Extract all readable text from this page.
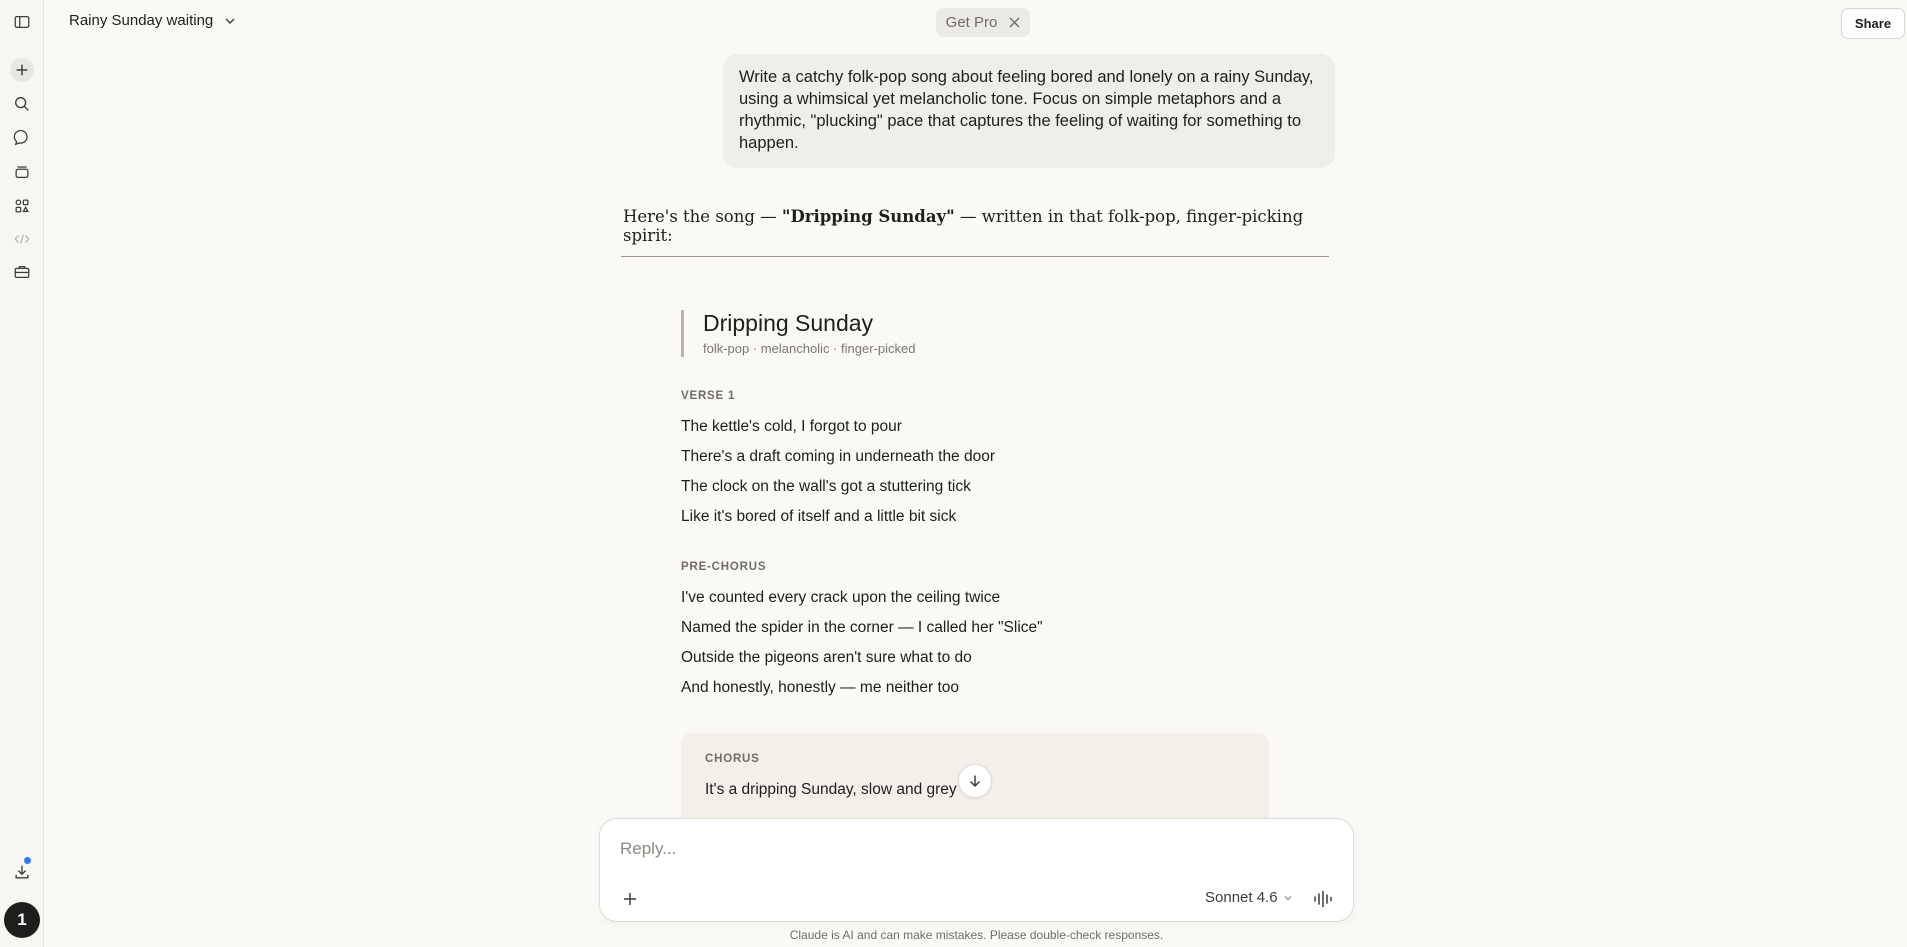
1
Rainy Sunday waiting	Get Pro	Share
Write a catchy folk-pop song about feeling bored and lonely on a rainy Sunday, using a whimsical yet melancholic tone. Focus on simple metaphors and a rhythmic, "plucking" pace that captures the feeling of waiting for something to happen.
Here's the song — "Dripping Sunday" — written in that folk-pop, finger-picking spirit:
Dripping Sunday
folk-pop · melancholic · finger-picked
VERSE 1
The kettle's cold, I forgot to pour
There's a draft coming in underneath the door
The clock on the wall's got a stuttering tick
Like it's bored of itself and a little bit sick
PRE-CHORUS
I've counted every crack upon the ceiling twice
Named the spider in the corner — I called her "Slice"
Outside the pigeons aren't sure what to do
And honestly, honestly — me neither too
CHORUS
It's a dripping Sunday, slow and grey
Reply...
Sonnet 4.6
Claude is AI and can make mistakes. Please double-check responses.
